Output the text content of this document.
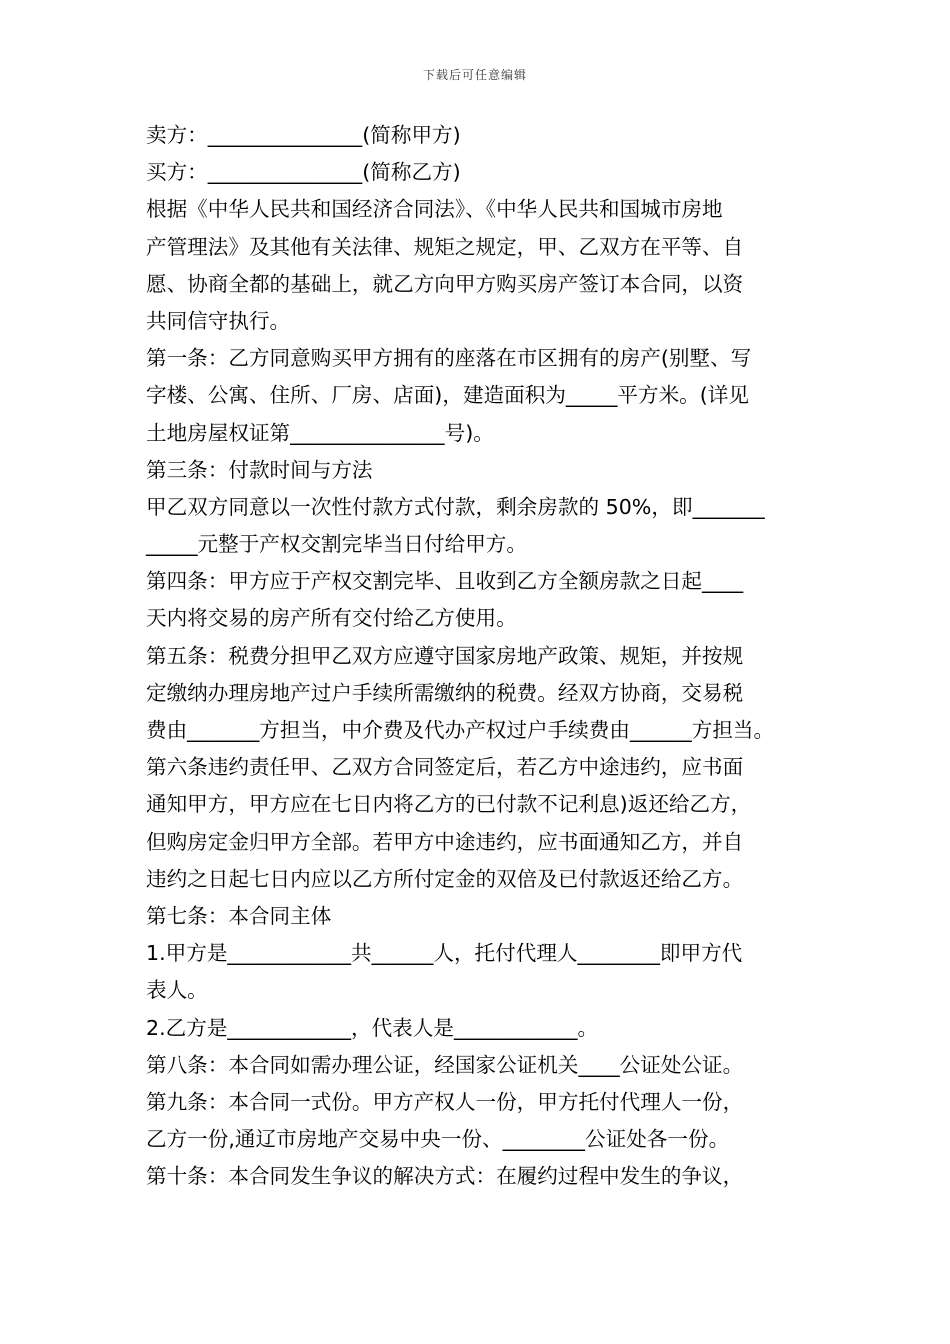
下载后可任意编辑
卖方：_______________(简称甲方)
买方：_______________(简称乙方)
根据《中华人民共和国经济合同法》、《中华人民共和国城市房地
产管理法》及其他有关法律、规矩之规定，甲、乙双方在平等、自
愿、协商全都的基础上，就乙方向甲方购买房产签订本合同，以资
共同信守执行。
第一条：乙方同意购买甲方拥有的座落在市区拥有的房产(别墅、写
字楼、公寓、住所、厂房、店面)，建造面积为_____平方米。(详见
土地房屋权证第_______________号)。
第三条：付款时间与方法
甲乙双方同意以一次性付款方式付款，剩余房款的 50%，即_______
_____元整于产权交割完毕当日付给甲方。
第四条：甲方应于产权交割完毕、且收到乙方全额房款之日起____
天内将交易的房产所有交付给乙方使用。
第五条：税费分担甲乙双方应遵守国家房地产政策、规矩，并按规
定缴纳办理房地产过户手续所需缴纳的税费。经双方协商，交易税
费由_______方担当，中介费及代办产权过户手续费由______方担当。
第六条违约责任甲、乙双方合同签定后，若乙方中途违约，应书面
通知甲方，甲方应在七日内将乙方的已付款不记利息)返还给乙方，
但购房定金归甲方全部。若甲方中途违约，应书面通知乙方，并自
违约之日起七日内应以乙方所付定金的双倍及已付款返还给乙方。
第七条：本合同主体
1.甲方是____________共______人，托付代理人________即甲方代
表人。
2.乙方是____________，代表人是____________。
第八条：本合同如需办理公证，经国家公证机关____公证处公证。
第九条：本合同一式份。甲方产权人一份，甲方托付代理人一份，
乙方一份,通辽市房地产交易中央一份、________公证处各一份。
第十条：本合同发生争议的解决方式：在履约过程中发生的争议，
